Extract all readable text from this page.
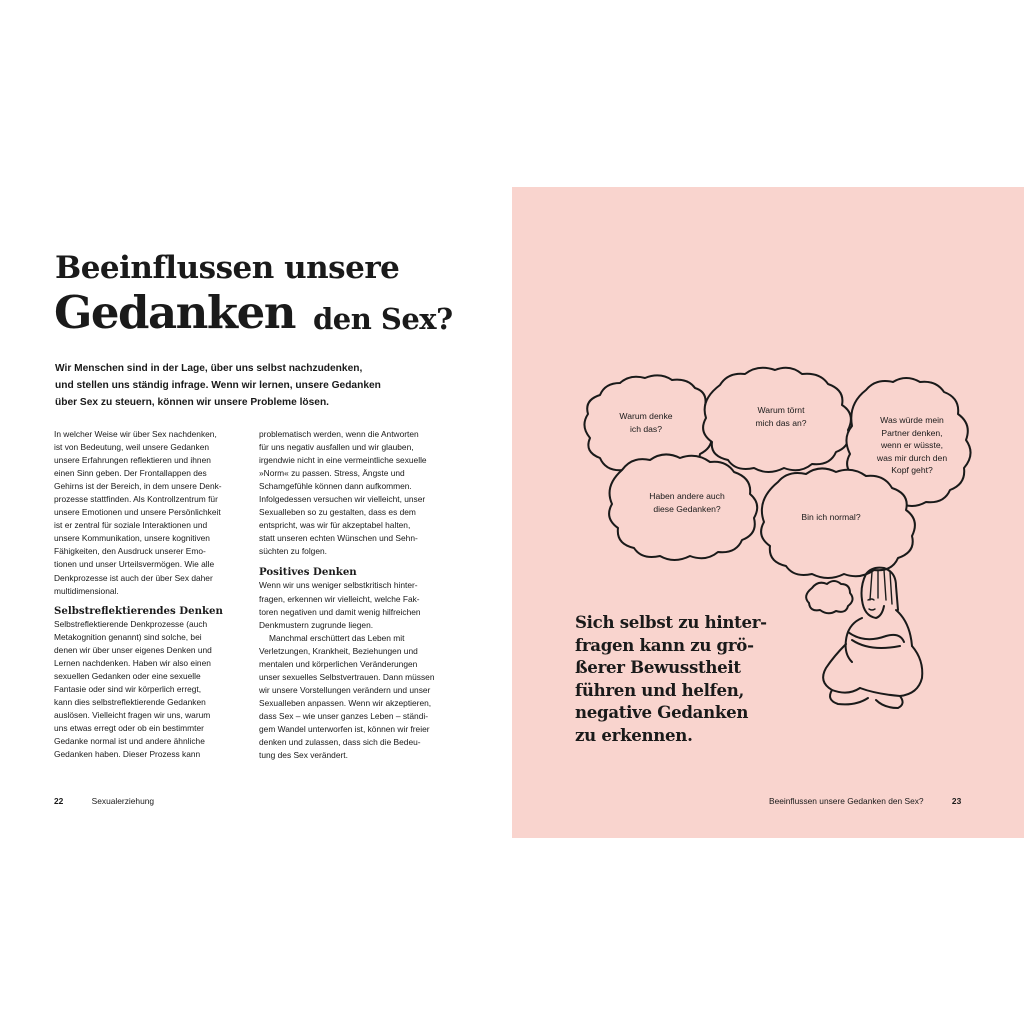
Beeinflussen unsere
Gedanken den Sex?
Wir Menschen sind in der Lage, über uns selbst nachzudenken,
und stellen uns ständig infrage. Wenn wir lernen, unsere Gedanken
über Sex zu steuern, können wir unsere Probleme lösen.
In welcher Weise wir über Sex nachdenken,
ist von Bedeutung, weil unsere Gedanken
unsere Erfahrungen reflektieren und ihnen
einen Sinn geben. Der Frontallappen des
Gehirns ist der Bereich, in dem unsere Denk-
prozesse stattfinden. Als Kontrollzentrum für
unsere Emotionen und unsere Persönlichkeit
ist er zentral für soziale Interaktionen und
unsere Kommunikation, unsere kognitiven
Fähigkeiten, den Ausdruck unserer Emo-
tionen und unser Urteilsvermögen. Wie alle
Denkprozesse ist auch der über Sex daher
multidimensional.
Selbstreflektierendes Denken
Selbstreflektierende Denkprozesse (auch
Metakognition genannt) sind solche, bei
denen wir über unser eigenes Denken und
Lernen nachdenken. Haben wir also einen
sexuellen Gedanken oder eine sexuelle
Fantasie oder sind wir körperlich erregt,
kann dies selbstreflektierende Gedanken
auslösen. Vielleicht fragen wir uns, warum
uns etwas erregt oder ob ein bestimmter
Gedanke normal ist und andere ähnliche
Gedanken haben. Dieser Prozess kann
problematisch werden, wenn die Antworten
für uns negativ ausfallen und wir glauben,
irgendwie nicht in eine vermeintliche sexuelle
»Norm« zu passen. Stress, Ängste und
Schamgefühle können dann aufkommen.
Infolgedessen versuchen wir vielleicht, unser
Sexualleben so zu gestalten, dass es dem
entspricht, was wir für akzeptabel halten,
statt unseren echten Wünschen und Sehn-
süchten zu folgen.
Positives Denken
Wenn wir uns weniger selbstkritisch hinter-
fragen, erkennen wir vielleicht, welche Fak-
toren negativen und damit wenig hilfreichen
Denkmustern zugrunde liegen.
Manchmal erschüttert das Leben mit
Verletzungen, Krankheit, Beziehungen und
mentalen und körperlichen Veränderungen
unser sexuelles Selbstvertrauen. Dann müssen
wir unsere Vorstellungen verändern und unser
Sexualleben anpassen. Wenn wir akzeptieren,
dass Sex – wie unser ganzes Leben – ständi-
gem Wandel unterworfen ist, können wir freier
denken und zulassen, dass sich die Bedeu-
tung des Sex verändert.
22	Sexualerziehung	Beeinflussen unsere Gedanken den Sex?	23
Warum denke
ich das?
Warum törnt
mich das an?	Was würde mein
Partner denken,
wenn er wüsste,
was mir durch den
Kopf geht?
Haben andere auch
diese Gedanken?
Bin ich normal?
Sich selbst zu hinter-
fragen kann zu grö-
ßerer Bewusstheit
führen und helfen,
negative Gedanken
zu erkennen.
